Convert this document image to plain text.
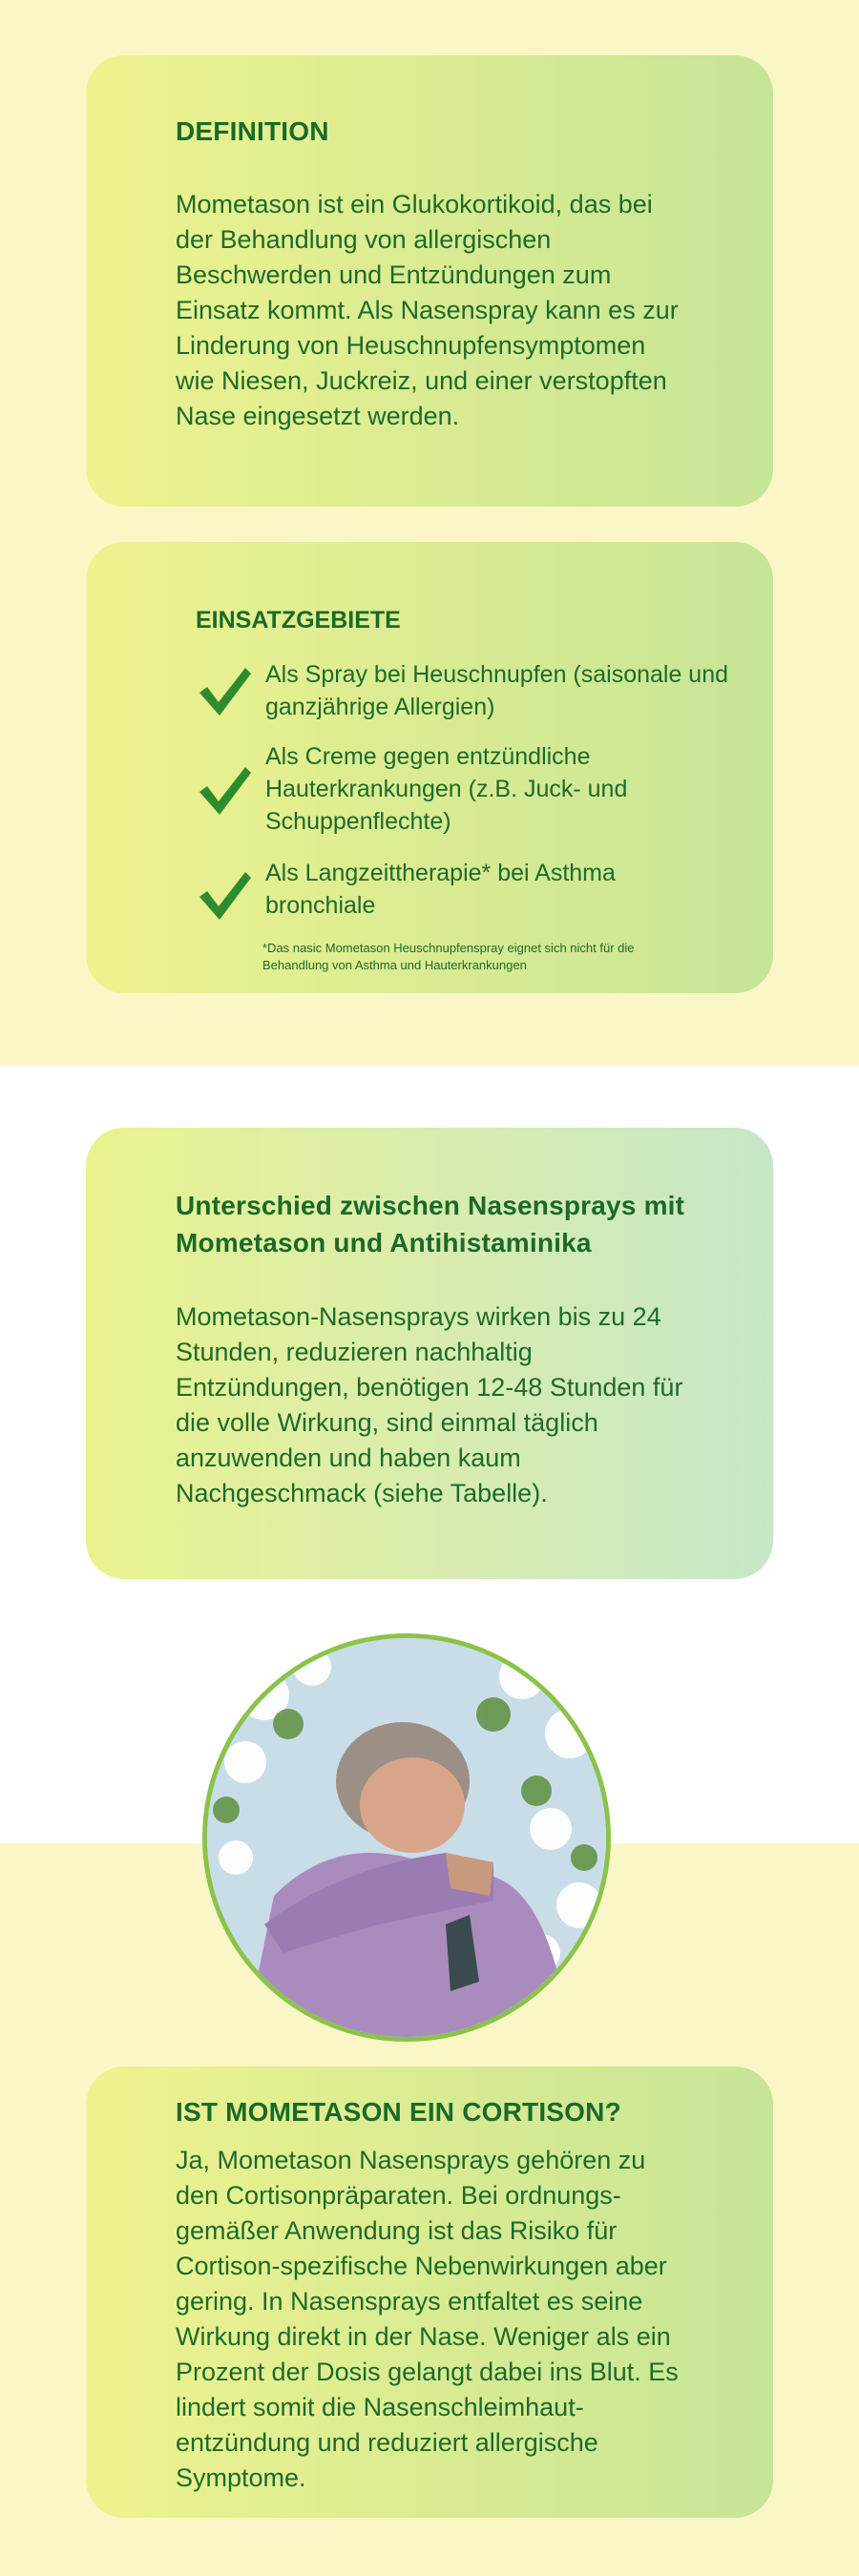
DEFINITION
Mometason ist ein Glukokortikoid, das bei der Behandlung von allergischen Beschwerden und Entzündungen zum Einsatz kommt. Als Nasenspray kann es zur Linderung von Heuschnupfensymptomen wie Niesen, Juckreiz, und einer verstopften Nase eingesetzt werden.
EINSATZGEBIETE
Als Spray bei Heuschnupfen (saisonale und ganzjährige Allergien)
Als Creme gegen entzündliche Hauterkrankungen (z.B. Juck- und Schuppenflechte)
Als Langzeittherapie* bei Asthma bronchiale
*Das nasic Mometason Heuschnupfenspray eignet sich nicht für die Behandlung von Asthma und Hauterkrankungen
Unterschied zwischen Nasensprays mit Mometason und Antihistaminika
Mometason-Nasensprays wirken bis zu 24 Stunden, reduzieren nachhaltig Entzündungen, benötigen 12-48 Stunden für die volle Wirkung, sind einmal täglich anzuwenden und haben kaum Nachgeschmack (siehe Tabelle).
IST MOMETASON EIN CORTISON?
Ja, Mometason Nasensprays gehören zu den Cortisonpräparaten. Bei ordnungs-gemäßer Anwendung ist das Risiko für Cortison-spezifische Nebenwirkungen aber gering. In Nasensprays entfaltet es seine Wirkung direkt in der Nase. Weniger als ein Prozent der Dosis gelangt dabei ins Blut. Es lindert somit die Nasenschleimhaut-entzündung und reduziert allergische Symptome.
